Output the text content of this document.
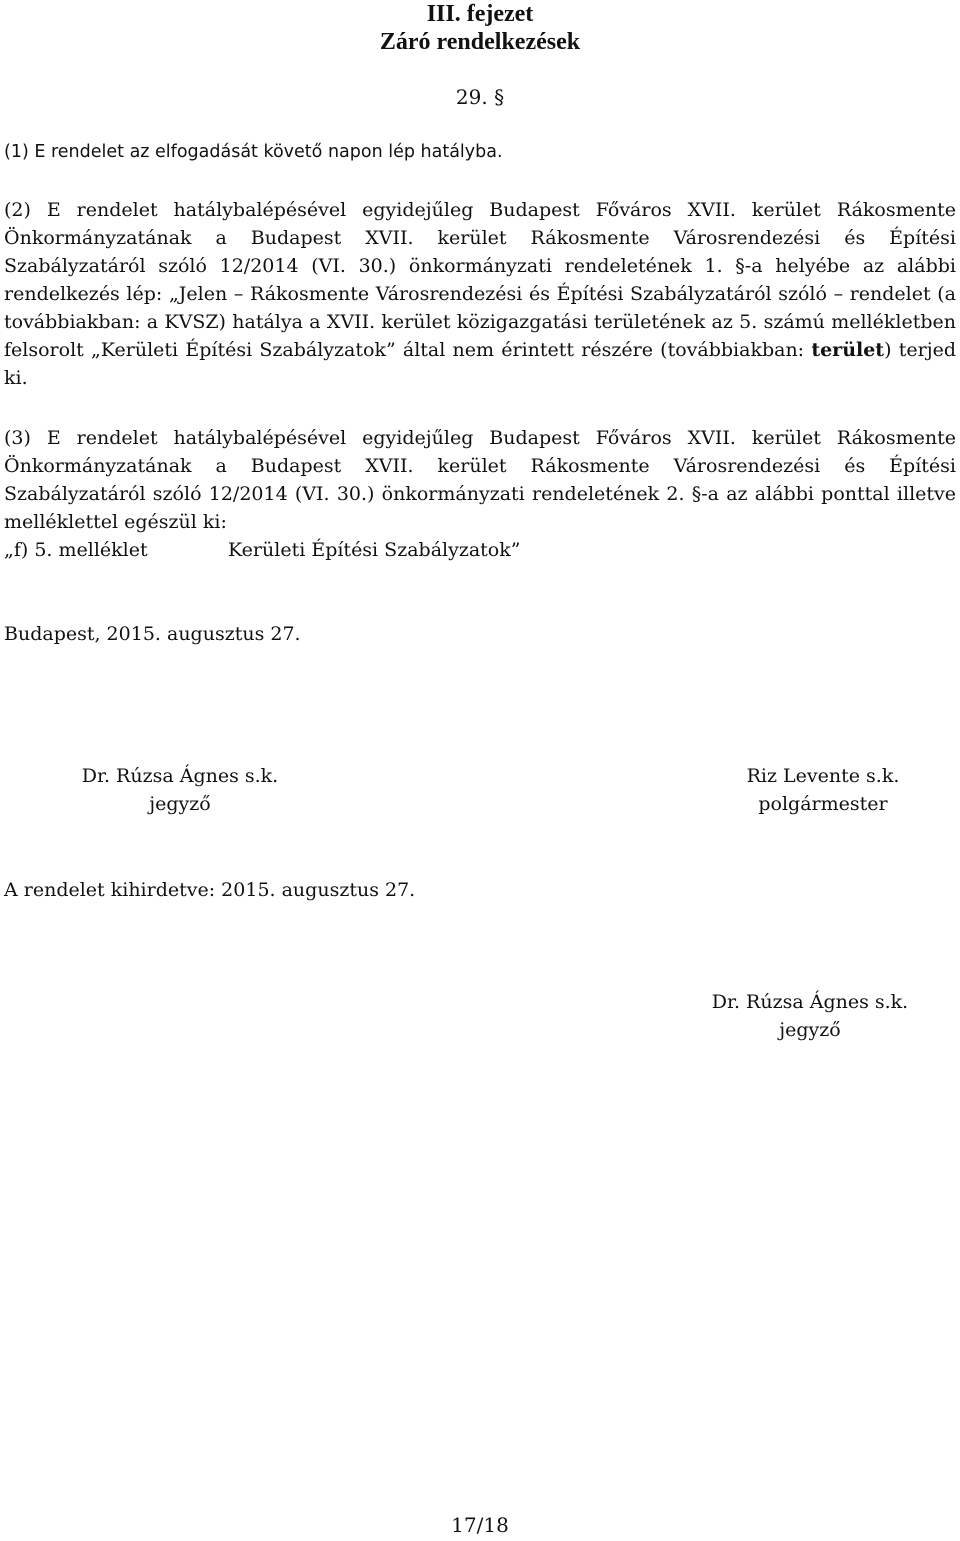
III. fejezet
Záró rendelkezések
29. §

(1) E rendelet az elfogadását követő napon lép hatályba.

(2) E rendelet hatálybalépésével egyidejűleg Budapest Főváros XVII. kerület Rákosmente Önkormányzatának a Budapest XVII. kerület Rákosmente Városrendezési és Építési Szabályzatáról szóló 12/2014 (VI. 30.) önkormányzati rendeletének 1. §-a helyébe az alábbi rendelkezés lép: „Jelen – Rákosmente Városrendezési és Építési Szabályzatáról szóló – rendelet (a továbbiakban: a KVSZ) hatálya a XVII. kerület közigazgatási területének az 5. számú mellékletben felsorolt „Kerületi Építési Szabályzatok” által nem érintett részére (továbbiakban: terület) terjed ki.

(3) E rendelet hatálybalépésével egyidejűleg Budapest Főváros XVII. kerület Rákosmente Önkormányzatának a Budapest XVII. kerület Rákosmente Városrendezési és Építési Szabályzatáról szóló 12/2014 (VI. 30.) önkormányzati rendeletének 2. §-a az alábbi ponttal illetve melléklettel egészül ki:

„f) 5. melléklet	Kerületi Építési Szabályzatok”
Budapest, 2015. augusztus 27.
Dr. Rúzsa Ágnes s.k.
jegyző
Riz Levente s.k.
polgármester
A rendelet kihirdetve: 2015. augusztus 27.
Dr. Rúzsa Ágnes s.k.
jegyző
17/18
